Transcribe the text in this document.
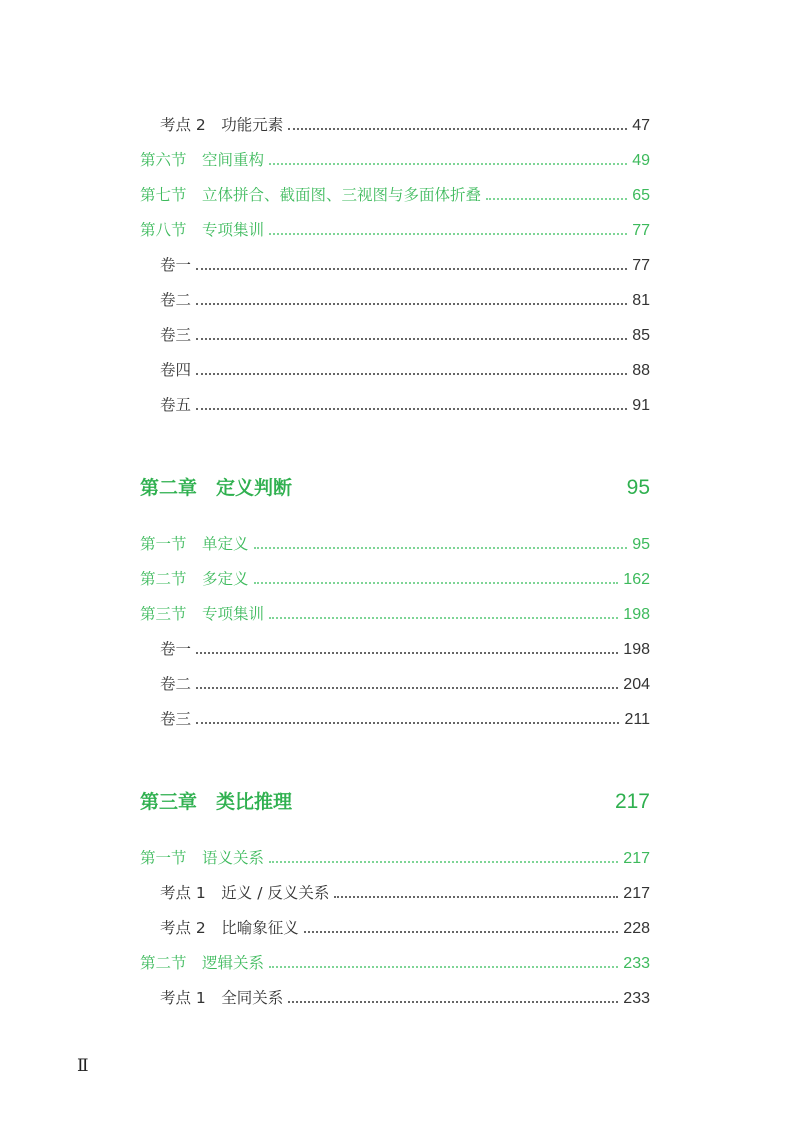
考点 2　功能元素	47
第六节　空间重构	49
第七节　立体拼合、截面图、三视图与多面体折叠	65
第八节　专项集训	77
卷一	77
卷二	81
卷三	85
卷四	88
卷五	91
第二章　定义判断	95
第一节　单定义	95
第二节　多定义	162
第三节　专项集训	198
卷一	198
卷二	204
卷三	211
第三章　类比推理	217
第一节　语义关系	217
考点 1　近义 / 反义关系	217
考点 2　比喻象征义	228
第二节　逻辑关系	233
考点 1　全同关系	233
Ⅱ
